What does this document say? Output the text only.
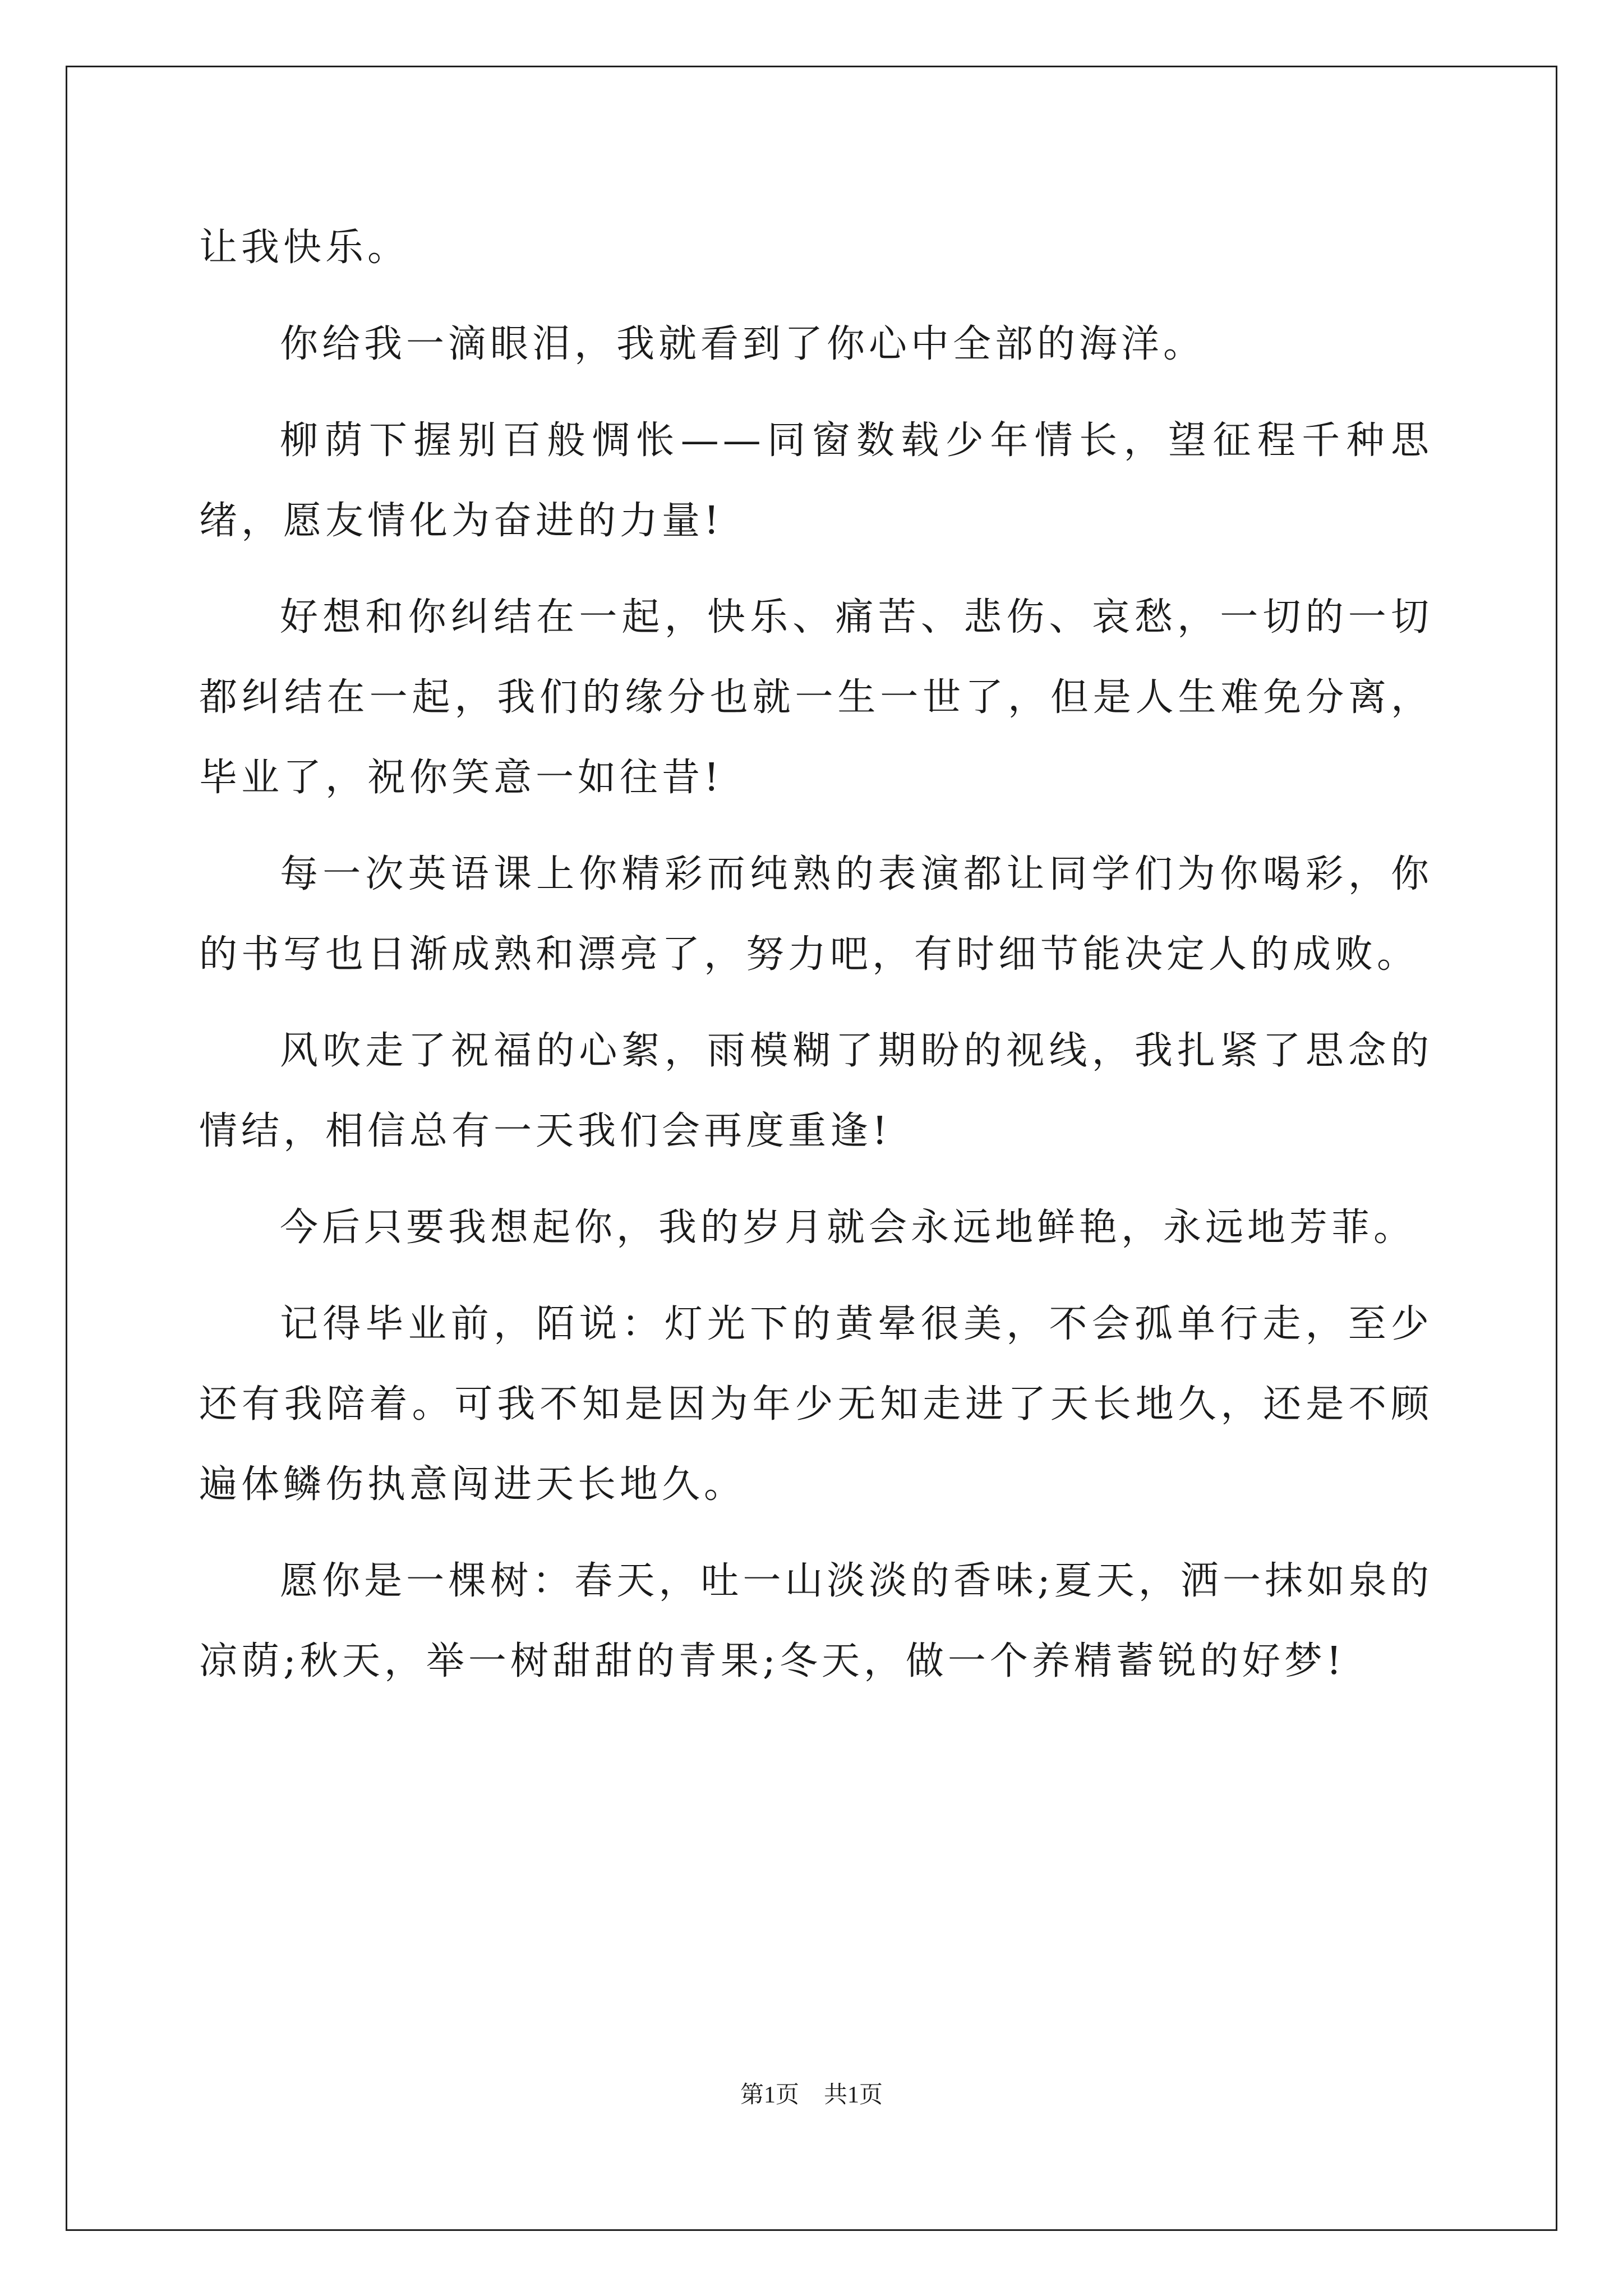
让我快乐。

你给我一滴眼泪，我就看到了你心中全部的海洋。

柳荫下握别百般惆怅——同窗数载少年情长，望征程千种思绪，愿友情化为奋进的力量!

好想和你纠结在一起，快乐、痛苦、悲伤、哀愁，一切的一切都纠结在一起，我们的缘分也就一生一世了，但是人生难免分离，毕业了，祝你笑意一如往昔!

每一次英语课上你精彩而纯熟的表演都让同学们为你喝彩，你的书写也日渐成熟和漂亮了，努力吧，有时细节能决定人的成败。

风吹走了祝福的心絮，雨模糊了期盼的视线，我扎紧了思念的情结，相信总有一天我们会再度重逢!

今后只要我想起你，我的岁月就会永远地鲜艳，永远地芳菲。

记得毕业前，陌说：灯光下的黄晕很美，不会孤单行走，至少还有我陪着。可我不知是因为年少无知走进了天长地久，还是不顾遍体鳞伤执意闯进天长地久。

愿你是一棵树：春天，吐一山淡淡的香味;夏天，洒一抹如泉的凉荫;秋天，举一树甜甜的青果;冬天，做一个养精蓄锐的好梦!

第1页 共1页
